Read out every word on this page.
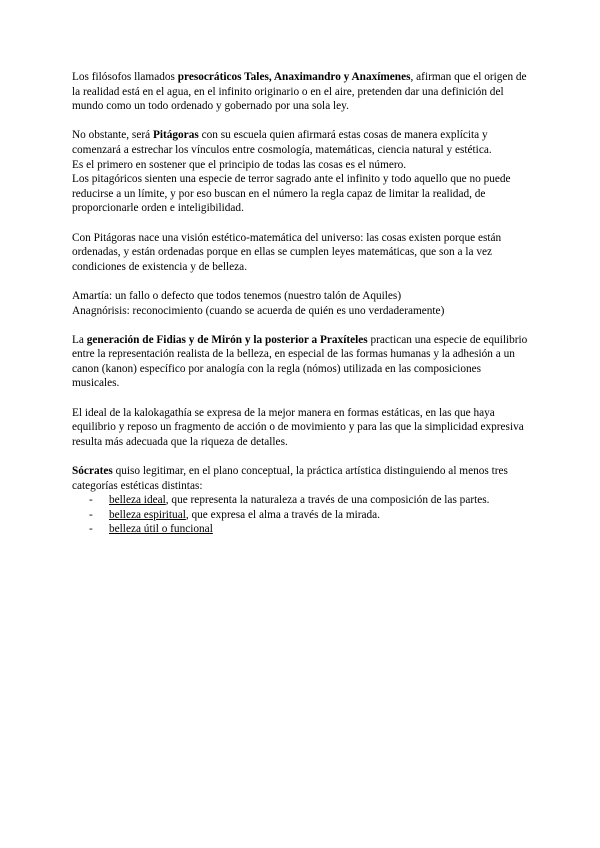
Los filósofos llamados presocráticos Tales, Anaximandro y Anaxímenes, afirman que el origen de la realidad está en el agua, en el infinito originario o en el aire, pretenden dar una definición del mundo como un todo ordenado y gobernado por una sola ley.

No obstante, será Pitágoras con su escuela quien afirmará estas cosas de manera explícita y comenzará a estrechar los vínculos entre cosmología, matemáticas, ciencia natural y estética.
Es el primero en sostener que el principio de todas las cosas es el número.
Los pitagóricos sienten una especie de terror sagrado ante el infinito y todo aquello que no puede reducirse a un límite, y por eso buscan en el número la regla capaz de limitar la realidad, de proporcionarle orden e inteligibilidad.

Con Pitágoras nace una visión estético-matemática del universo: las cosas existen porque están ordenadas, y están ordenadas porque en ellas se cumplen leyes matemáticas, que son a la vez condiciones de existencia y de belleza.

Amartía: un fallo o defecto que todos tenemos (nuestro talón de Aquiles)
Anagnórisis: reconocimiento (cuando se acuerda de quién es uno verdaderamente)

La generación de Fidias y de Mirón y la posterior a Praxíteles practican una especie de equilibrio entre la representación realista de la belleza, en especial de las formas humanas y la adhesión a un canon (kanon) específico por analogía con la regla (nómos) utilizada en las composiciones musicales.

El ideal de la kalokagathía se expresa de la mejor manera en formas estáticas, en las que haya equilibrio y reposo un fragmento de acción o de movimiento y para las que la simplicidad expresiva resulta más adecuada que la riqueza de detalles.

Sócrates quiso legitimar, en el plano conceptual, la práctica artística distinguiendo al menos tres categorías estéticas distintas:
- belleza ideal, que representa la naturaleza a través de una composición de las partes.
- belleza espiritual, que expresa el alma a través de la mirada.
- belleza útil o funcional
